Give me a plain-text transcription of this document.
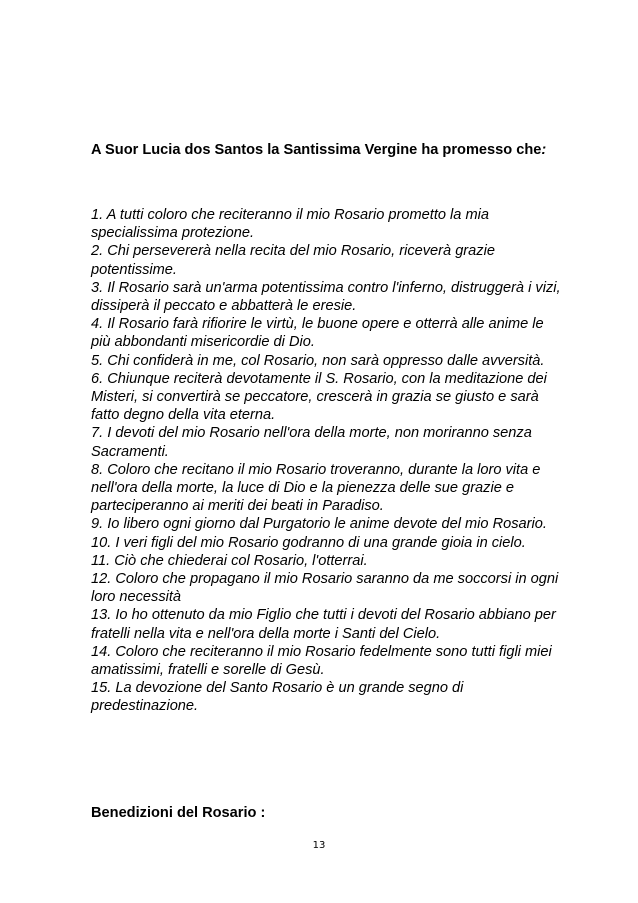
A Suor Lucia dos Santos la Santissima Vergine ha promesso che:
1. A tutti coloro che reciteranno il mio Rosario prometto la mia specialissima protezione.
2. Chi persevererà nella recita del mio Rosario, riceverà grazie potentissime.
3. Il Rosario sarà un'arma potentissima contro l'inferno, distruggerà i vizi, dissiperà il peccato e abbatterà le eresie.
4. Il Rosario farà rifiorire le virtù, le buone opere e otterrà alle anime le più abbondanti misericordie di Dio.
5. Chi confiderà in me, col Rosario, non sarà oppresso dalle avversità.
6. Chiunque reciterà devotamente il S. Rosario, con la meditazione dei Misteri, si convertirà se peccatore, crescerà in grazia se giusto e sarà fatto degno della vita eterna.
7. I devoti del mio Rosario nell'ora della morte, non moriranno senza Sacramenti.
8. Coloro che recitano il mio Rosario troveranno, durante la loro vita e nell'ora della morte, la luce di Dio e la pienezza delle sue grazie e parteciperanno ai meriti dei beati in Paradiso.
9. Io libero ogni giorno dal Purgatorio le anime devote del mio Rosario.
10. I veri figli del mio Rosario godranno di una grande gioia in cielo.
11. Ciò che chiederai col Rosario, l'otterrai.
12. Coloro che propagano il mio Rosario saranno da me soccorsi in ogni loro necessità
13. Io ho ottenuto da mio Figlio che tutti i devoti del Rosario abbiano per fratelli nella vita e nell'ora della morte i Santi del Cielo.
14. Coloro che reciteranno il mio Rosario fedelmente sono tutti figli miei amatissimi, fratelli e sorelle di Gesù.
15. La devozione del Santo Rosario è un grande segno di predestinazione.
Benedizioni del Rosario :
13
